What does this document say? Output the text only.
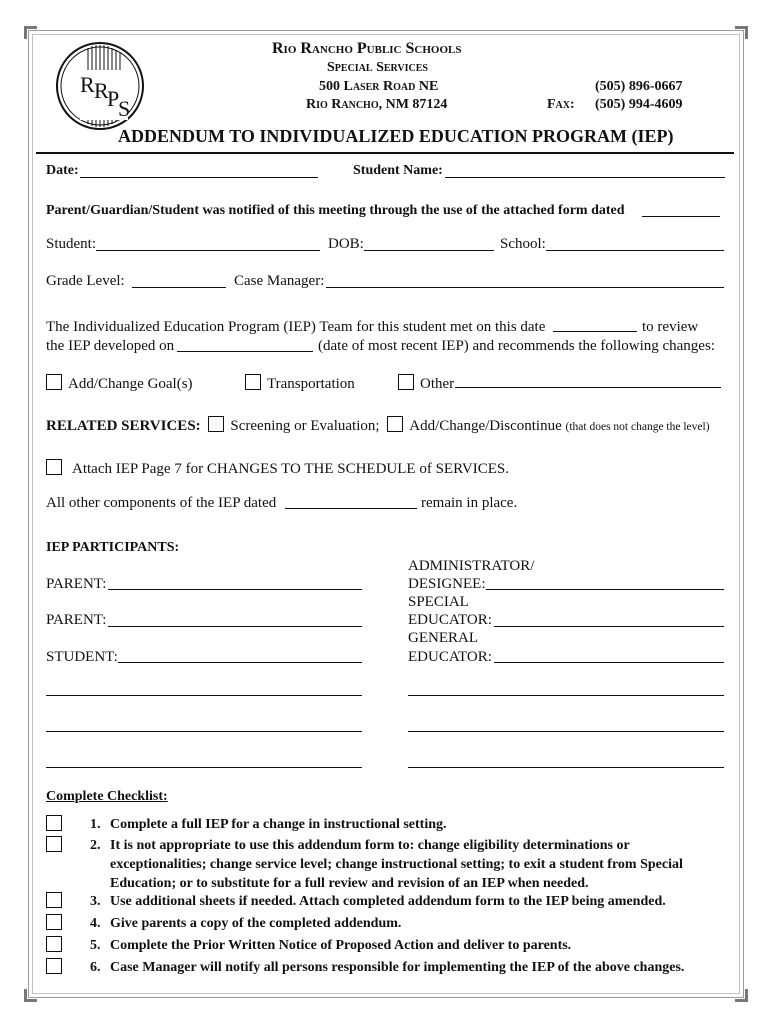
R R
P
S
Rio Rancho Public Schools
Special Services
500 Laser Road NE
Rio Rancho, NM 87124
(505) 896-0667
Fax: (505) 994-4609
ADDENDUM TO INDIVIDUALIZED EDUCATION PROGRAM (IEP)
Date:	Student Name:
Parent/Guardian/Student was notified of this meeting through the use of the attached form dated
Student:	DOB:	School:
Grade Level:	Case Manager:
The Individualized Education Program (IEP) Team for this student met on this date	to review
the IEP developed on	(date of most recent IEP) and recommends the following changes:
Add/Change Goal(s)	Transportation	Other
RELATED SERVICES: Screening or Evaluation; Add/Change/Discontinue (that does not change the level)
Attach IEP Page 7 for CHANGES TO THE SCHEDULE of SERVICES.
All other components of the IEP dated	remain in place.
IEP PARTICIPANTS:
PARENT:
PARENT:
STUDENT:
ADMINISTRATOR/
DESIGNEE:
SPECIAL
EDUCATOR:
GENERAL
EDUCATOR:
Complete Checklist:
1. Complete a full IEP for a change in instructional setting.
2. It is not appropriate to use this addendum form to: change eligibility determinations or
exceptionalities; change service level; change instructional setting; to exit a student from Special
Education; or to substitute for a full review and revision of an IEP when needed.
3. Use additional sheets if needed. Attach completed addendum form to the IEP being amended.
4. Give parents a copy of the completed addendum.
5. Complete the Prior Written Notice of Proposed Action and deliver to parents.
6. Case Manager will notify all persons responsible for implementing the IEP of the above changes.
